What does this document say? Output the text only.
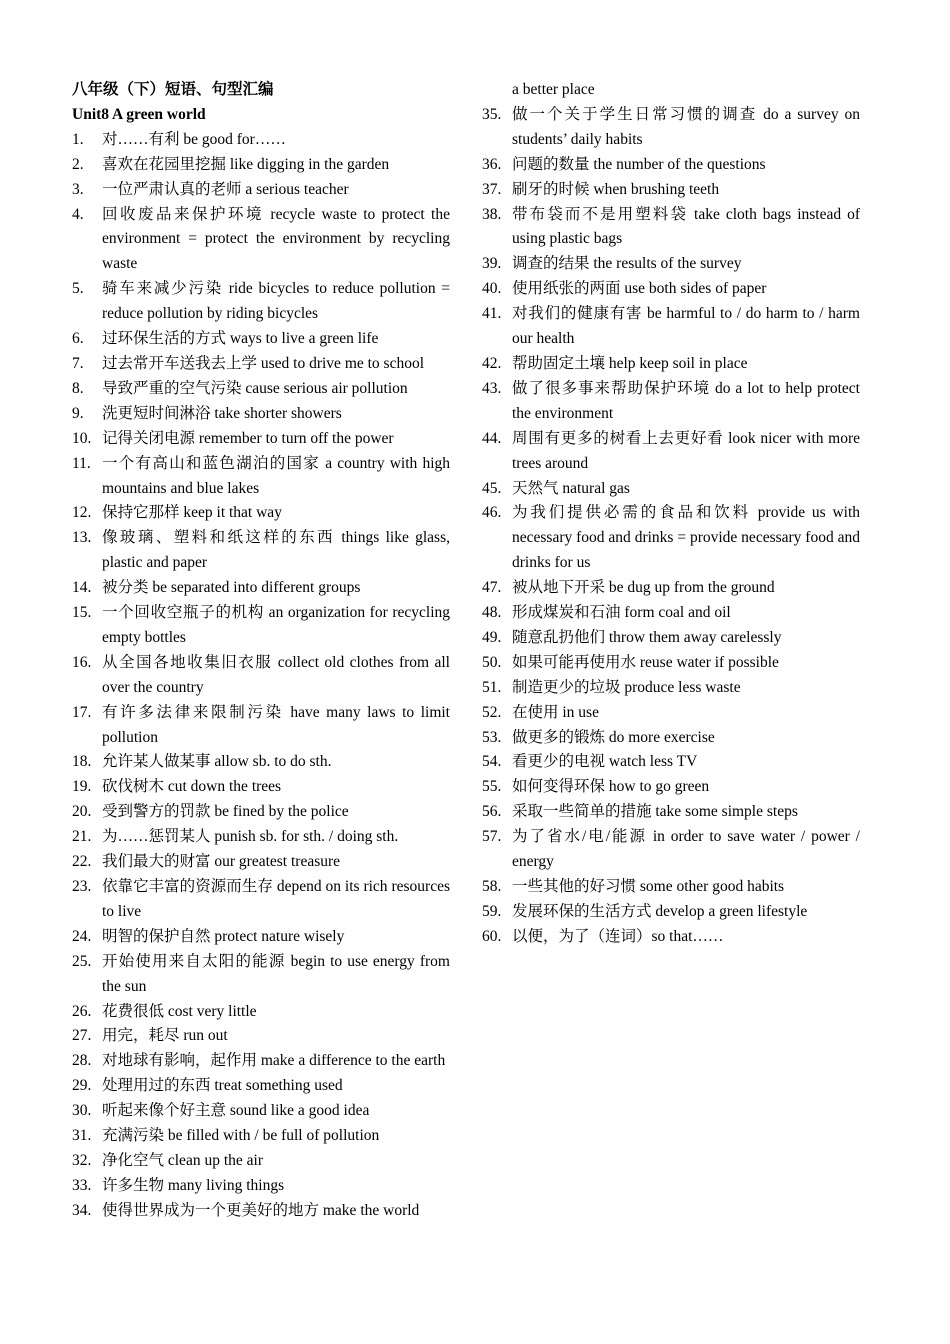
八年级（下）短语、句型汇编
Unit8 A green world
1. 对……有利 be good for……
2. 喜欢在花园里挖掘 like digging in the garden
3. 一位严肃认真的老师 a serious teacher
4. 回收废品来保护环境 recycle waste to protect the environment = protect the environment by recycling waste
5. 骑车来减少污染 ride bicycles to reduce pollution = reduce pollution by riding bicycles
6. 过环保生活的方式 ways to live a green life
7. 过去常开车送我去上学 used to drive me to school
8. 导致严重的空气污染 cause serious air pollution
9. 洗更短时间淋浴 take shorter showers
10. 记得关闭电源 remember to turn off the power
11. 一个有高山和蓝色湖泊的国家 a country with high mountains and blue lakes
12. 保持它那样 keep it that way
13. 像玻璃、塑料和纸这样的东西 things like glass, plastic and paper
14. 被分类 be separated into different groups
15. 一个回收空瓶子的机构 an organization for recycling empty bottles
16. 从全国各地收集旧衣服 collect old clothes from all over the country
17. 有许多法律来限制污染 have many laws to limit pollution
18. 允许某人做某事 allow sb. to do sth.
19. 砍伐树木 cut down the trees
20. 受到警方的罚款 be fined by the police
21. 为……惩罚某人 punish sb. for sth. / doing sth.
22. 我们最大的财富 our greatest treasure
23. 依靠它丰富的资源而生存 depend on its rich resources to live
24. 明智的保护自然 protect nature wisely
25. 开始使用来自太阳的能源 begin to use energy from the sun
26. 花费很低 cost very little
27. 用完，耗尽 run out
28. 对地球有影响，起作用 make a difference to the earth
29. 处理用过的东西 treat something used
30. 听起来像个好主意 sound like a good idea
31. 充满污染 be filled with / be full of pollution
32. 净化空气 clean up the air
33. 许多生物 many living things
34. 使得世界成为一个更美好的地方 make the world
a better place
35. 做一个关于学生日常习惯的调查 do a survey on students’ daily habits
36. 问题的数量 the number of the questions
37. 刷牙的时候 when brushing teeth
38. 带布袋而不是用塑料袋 take cloth bags instead of using plastic bags
39. 调查的结果 the results of the survey
40. 使用纸张的两面 use both sides of paper
41. 对我们的健康有害 be harmful to / do harm to / harm our health
42. 帮助固定土壤 help keep soil in place
43. 做了很多事来帮助保护环境 do a lot to help protect the environment
44. 周围有更多的树看上去更好看 look nicer with more trees around
45. 天然气 natural gas
46. 为我们提供必需的食品和饮料 provide us with necessary food and drinks = provide necessary food and drinks for us
47. 被从地下开采 be dug up from the ground
48. 形成煤炭和石油 form coal and oil
49. 随意乱扔他们 throw them away carelessly
50. 如果可能再使用水 reuse water if possible
51. 制造更少的垃圾 produce less waste
52. 在使用 in use
53. 做更多的锻炼 do more exercise
54. 看更少的电视 watch less TV
55. 如何变得环保 how to go green
56. 采取一些简单的措施 take some simple steps
57. 为了省水/电/能源 in order to save water / power / energy
58. 一些其他的好习惯 some other good habits
59. 发展环保的生活方式 develop a green lifestyle
60. 以便，为了（连词）so that……
